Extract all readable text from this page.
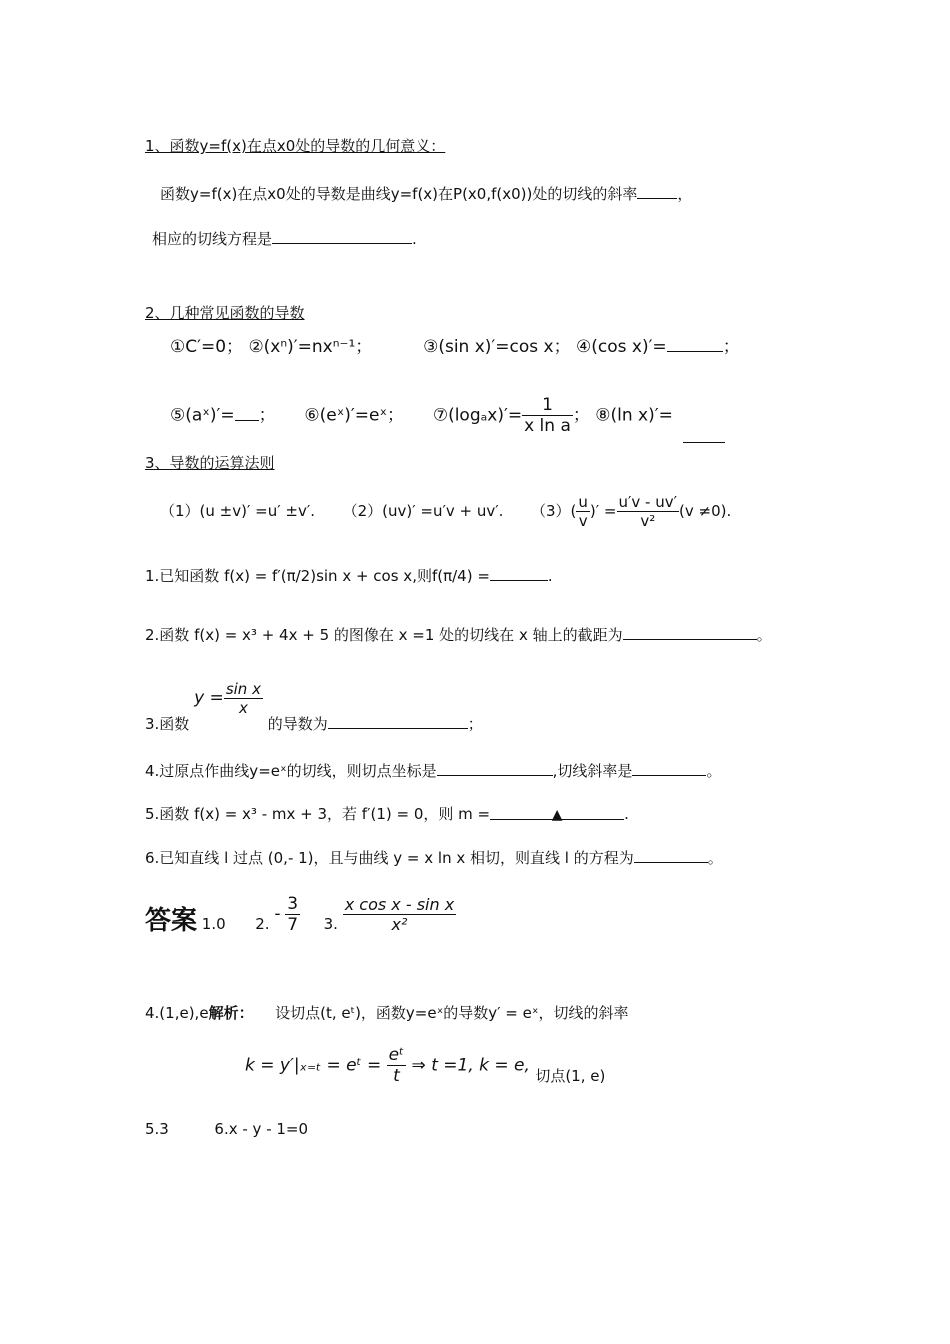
1、函数y=f(x)在点x0处的导数的几何意义：
函数y=f(x)在点x0处的导数是曲线y=f(x)在P(x0,f(x0))处的切线的斜率	，
相应的切线方程是	.
2、几种常见函数的导数
①C′=0； ②(xⁿ)′=nxⁿ⁻¹；	③(sin x)′=cos x； ④(cos x)′=	；
⑤(aˣ)′= ； ⑥(eˣ)′=eˣ； ⑦(logₐx)′= $\frac{1}{\text{x ln a}}$ ； ⑧(ln x)′=
3、导数的运算法则
（1）(u ±v)′ =u′ ±v′. （2）(uv)′ =u′v + uv′. $(3)( \frac{u}{v}$ )′ = $\frac{u'v - uv'}{\text{v²}} (v \ne 0)$.
1.已知函数 f(x) = f′(π/2)sin x + cos x,则f(π/4) =	.
2.函数 f(x) = x³ + 4x + 5 的图像在 x =1 处的切线在 x 轴上的截距为	。
3.函数 $y = \frac{\text{sin x}}{x}$
的导数为	；
4.过原点作曲线y=eˣ的切线，则切点坐标是	,切线斜率是	。
5.函数 f(x) = x³ - mx + 3，若 f′(1) = 0，则 m =	▲	.
6.已知直线 l 过点 (0,- 1)，且与曲线 y = x ln x 相切，则直线 l 的方程为	。
答案 1.0 2. - $\frac{3}{7} 3$. $\frac{\text{x cos x - sin x}}{\text{x²}}$
4.(1,e),e解析： 设切点(t, eᵗ)，函数y=eˣ的导数y′ = eˣ，切线的斜率
k = y′|ₓ₌ₜ = eᵗ = $\frac{\text{eᵗ}}{t}$ ⇒ t =1, k = e, 切点(1, e)
5.3	6.x - y - 1=0
